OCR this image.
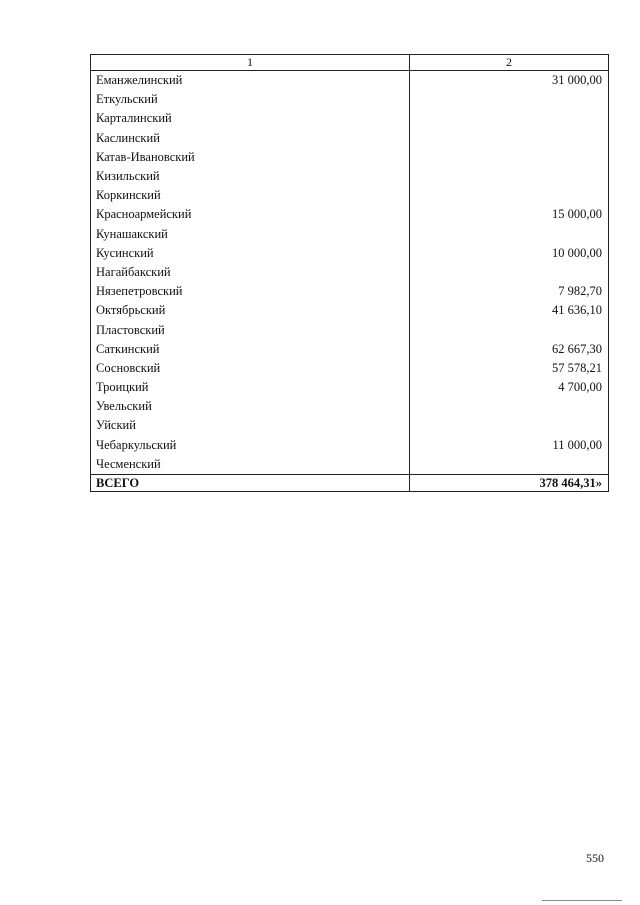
1	2
Еманжелинский	31 000,00
Еткульский	
Карталинский	
Каслинский	
Катав-Ивановский	
Кизильский	
Коркинский	
Красноармейский	15 000,00
Кунашакский	
Кусинский	10 000,00
Нагайбакский	
Нязепетровский	7 982,70
Октябрьский	41 636,10
Пластовский	
Саткинский	62 667,30
Сосновский	57 578,21
Троицкий	4 700,00
Увельский	
Уйский	
Чебаркульский	11 000,00
Чесменский	
ВСЕГО	378 464,31»
550
